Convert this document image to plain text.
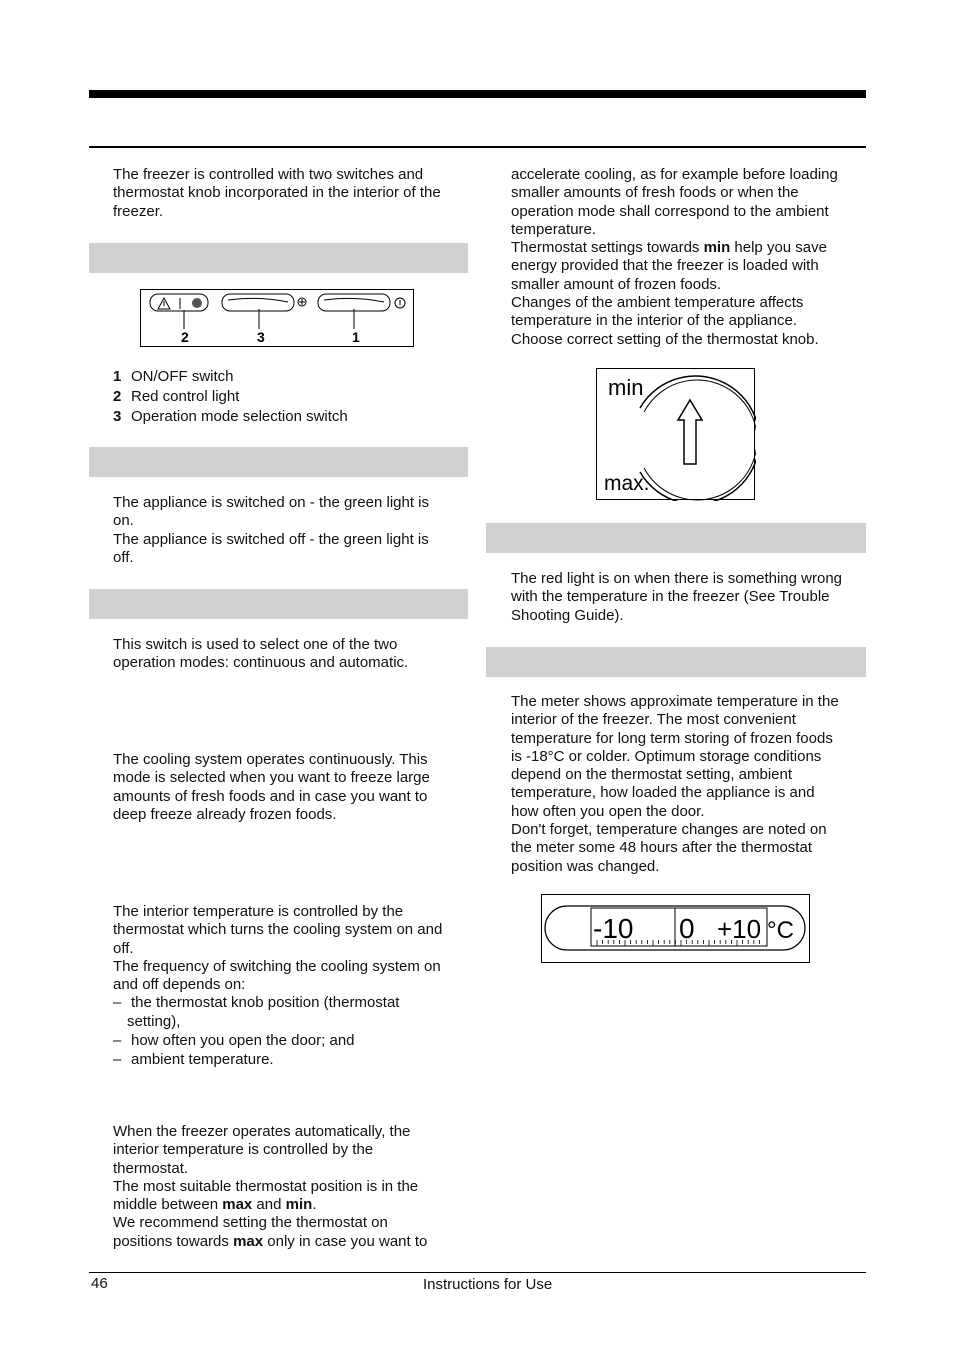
The freezer is controlled with two switches and
thermostat knob incorporated in the interior of the
freezer.
2	3	1
1 ON/OFF switch
2 Red control light
3 Operation mode selection switch
The appliance is switched on - the green light is
on.
The appliance is switched off - the green light is
off.
This switch is used to select one of the two
operation modes: continuous and automatic.
The cooling system operates continuously. This
mode is selected when you want to freeze large
amounts of fresh foods and in case you want to
deep freeze already frozen foods.
The interior temperature is controlled by the
thermostat which turns the cooling system on and
off.
The frequency of switching the cooling system on
and off depends on:
– the thermostat knob position (thermostat
setting),
– how often you open the door; and
– ambient temperature.
When the freezer operates automatically, the
interior temperature is controlled by the
thermostat.
The most suitable thermostat position is in the
middle between max and min.
We recommend setting the thermostat on
positions towards max only in case you want to
accelerate cooling, as for example before loading
smaller amounts of fresh foods or when the
operation mode shall correspond to the ambient
temperature.
Thermostat settings towards min help you save
energy provided that the freezer is loaded with
smaller amount of frozen foods.
Changes of the ambient temperature affects
temperature in the interior of the appliance.
Choose correct setting of the thermostat knob.
min
max.
The red light is on when there is something wrong
with the temperature in the freezer (See Trouble
Shooting Guide).
The meter shows approximate temperature in the
interior of the freezer. The most convenient
temperature for long term storing of frozen foods
is -18°C or colder. Optimum storage conditions
depend on the thermostat setting, ambient
temperature, how loaded the appliance is and
how often you open the door.
Don't forget, temperature changes are noted on
the meter some 48 hours after the thermostat
position was changed.
-10 0 +10 °C
46	Instructions for Use
